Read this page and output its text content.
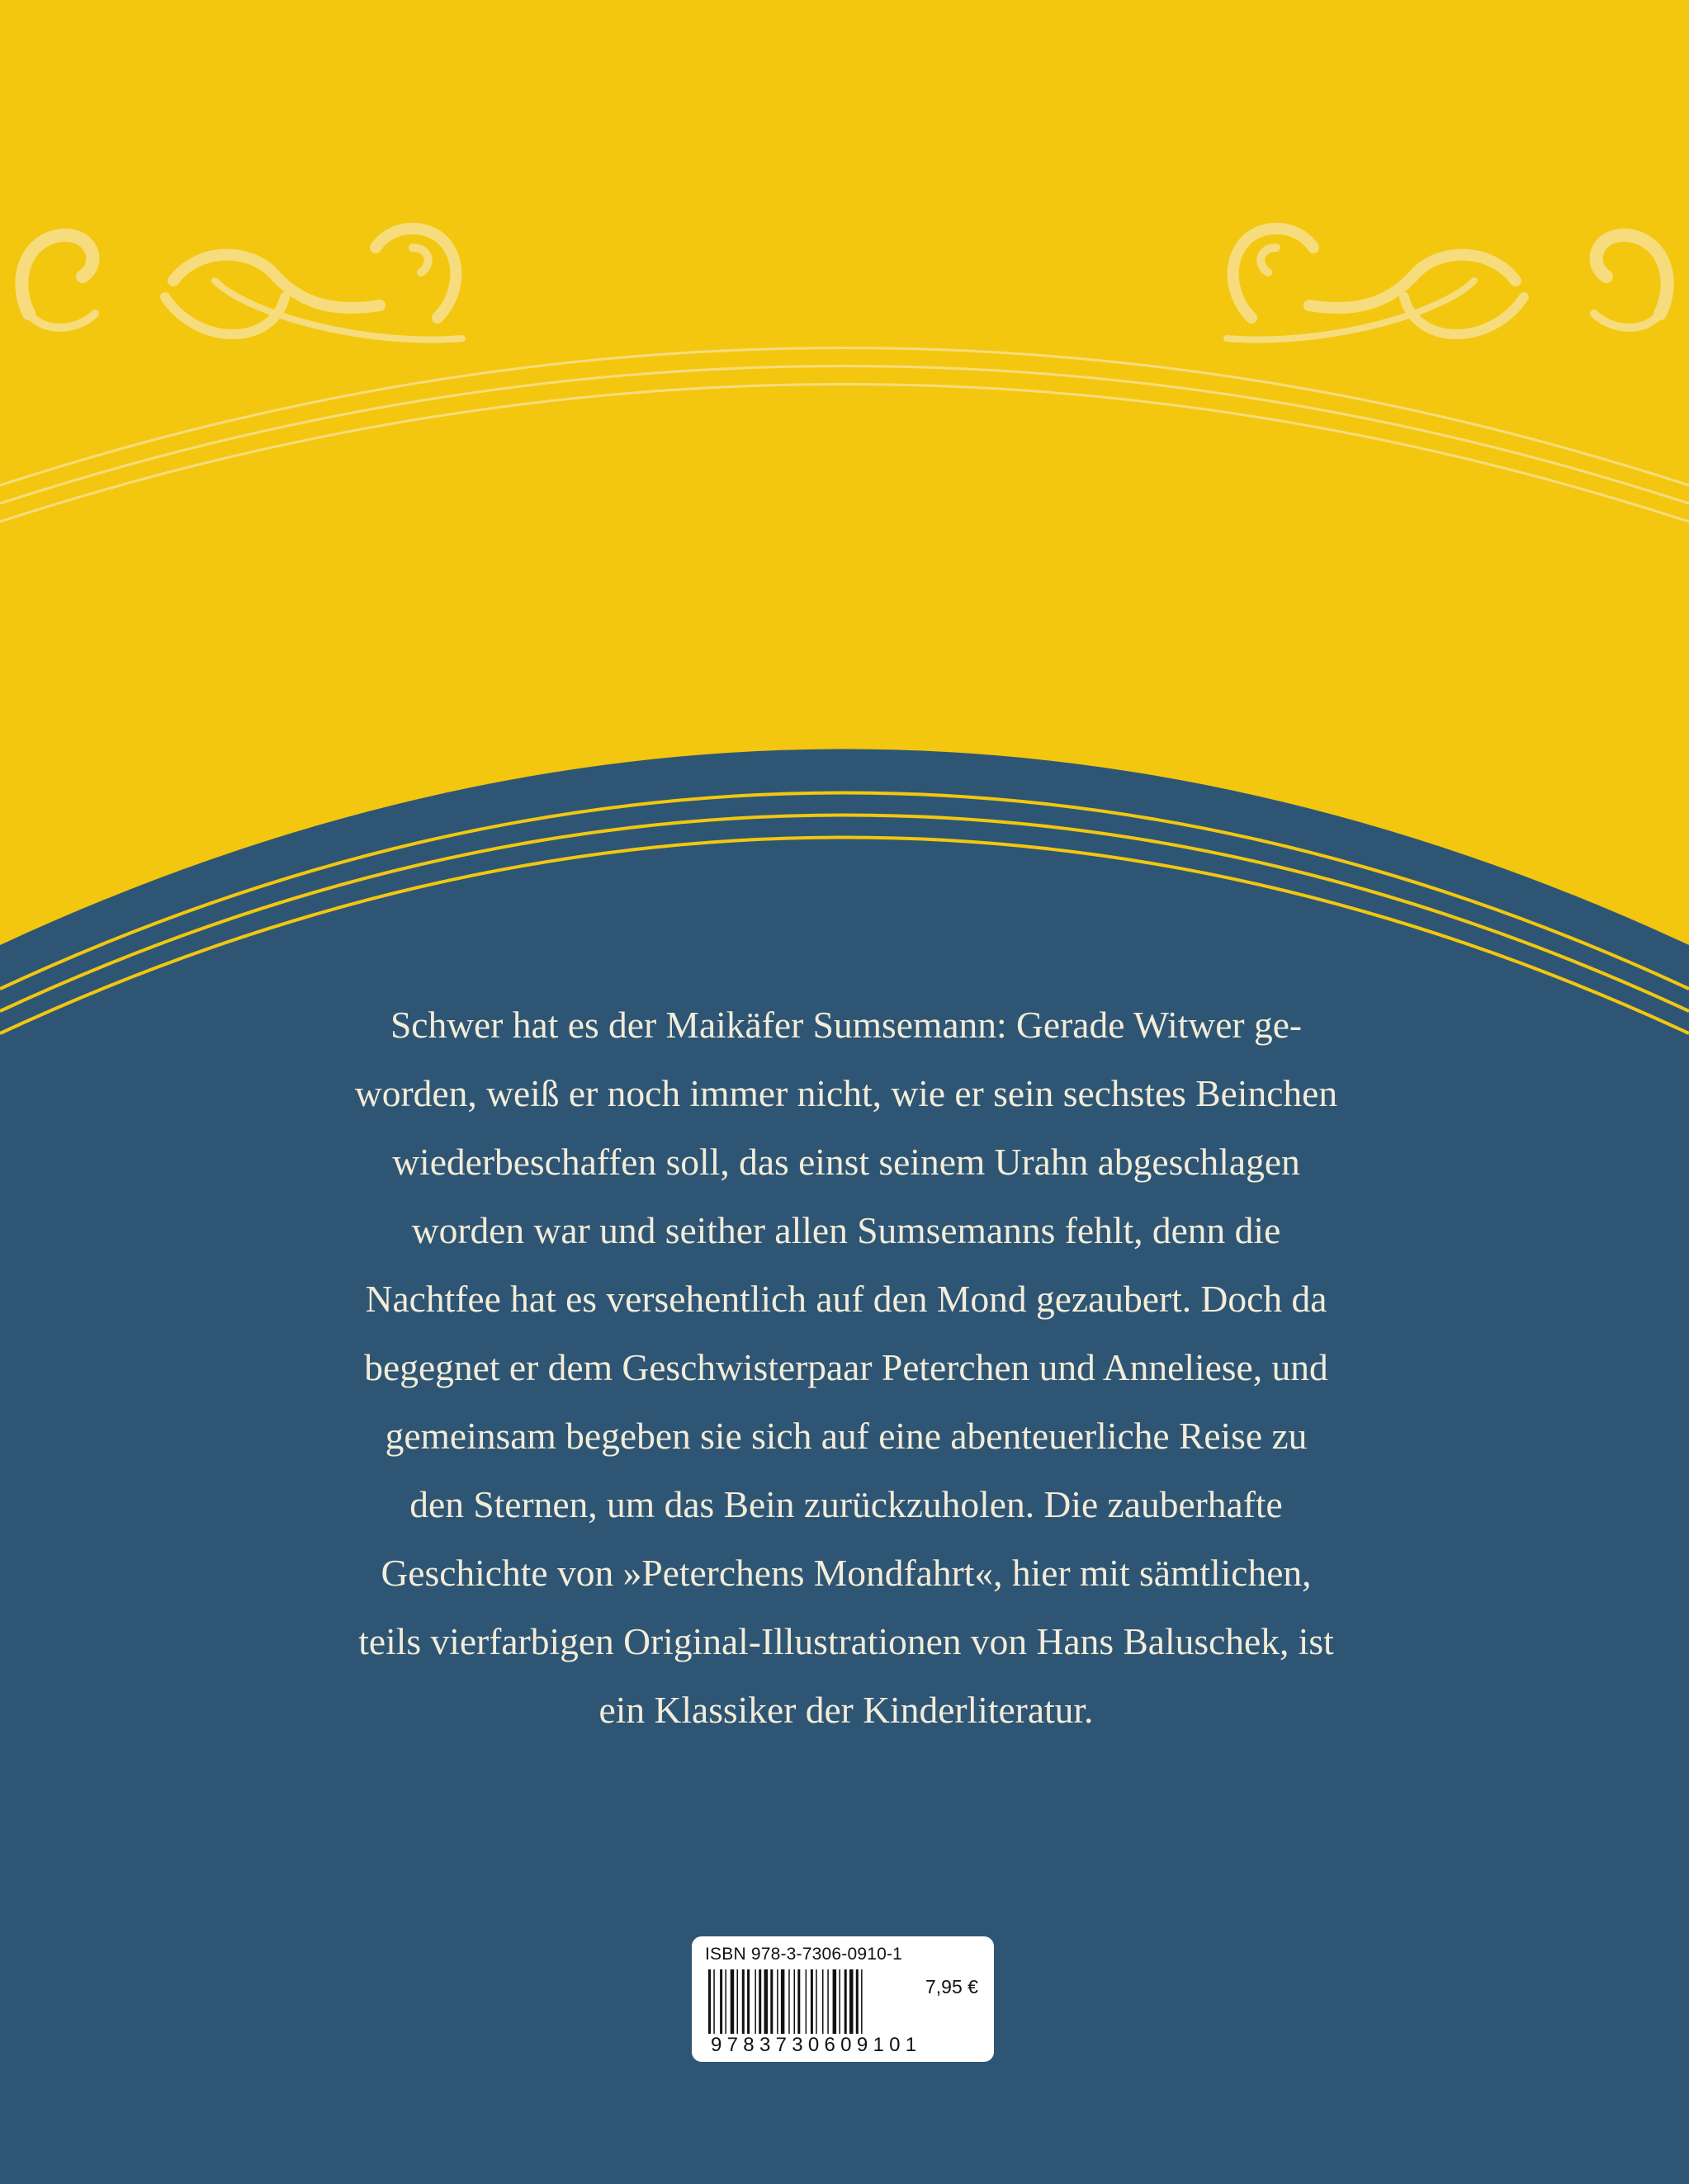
Schwer hat es der Maikäfer Sumsemann: Gerade Witwer ge-
worden, weiß er noch immer nicht, wie er sein sechstes Beinchen
wiederbeschaffen soll, das einst seinem Urahn abgeschlagen
worden war und seither allen Sumsemanns fehlt, denn die
Nachtfee hat es versehentlich auf den Mond gezaubert. Doch da
begegnet er dem Geschwisterpaar Peterchen und Anneliese, und
gemeinsam begeben sie sich auf eine abenteuerliche Reise zu
den Sternen, um das Bein zurückzuholen. Die zauberhafte
Geschichte von »Peterchens Mondfahrt«, hier mit sämtlichen,
teils vierfarbigen Original-Illustrationen von Hans Baluschek, ist
ein Klassiker der Kinderliteratur.
ISBN 978-3-7306-0910-1
7,95 €
9783730609101
